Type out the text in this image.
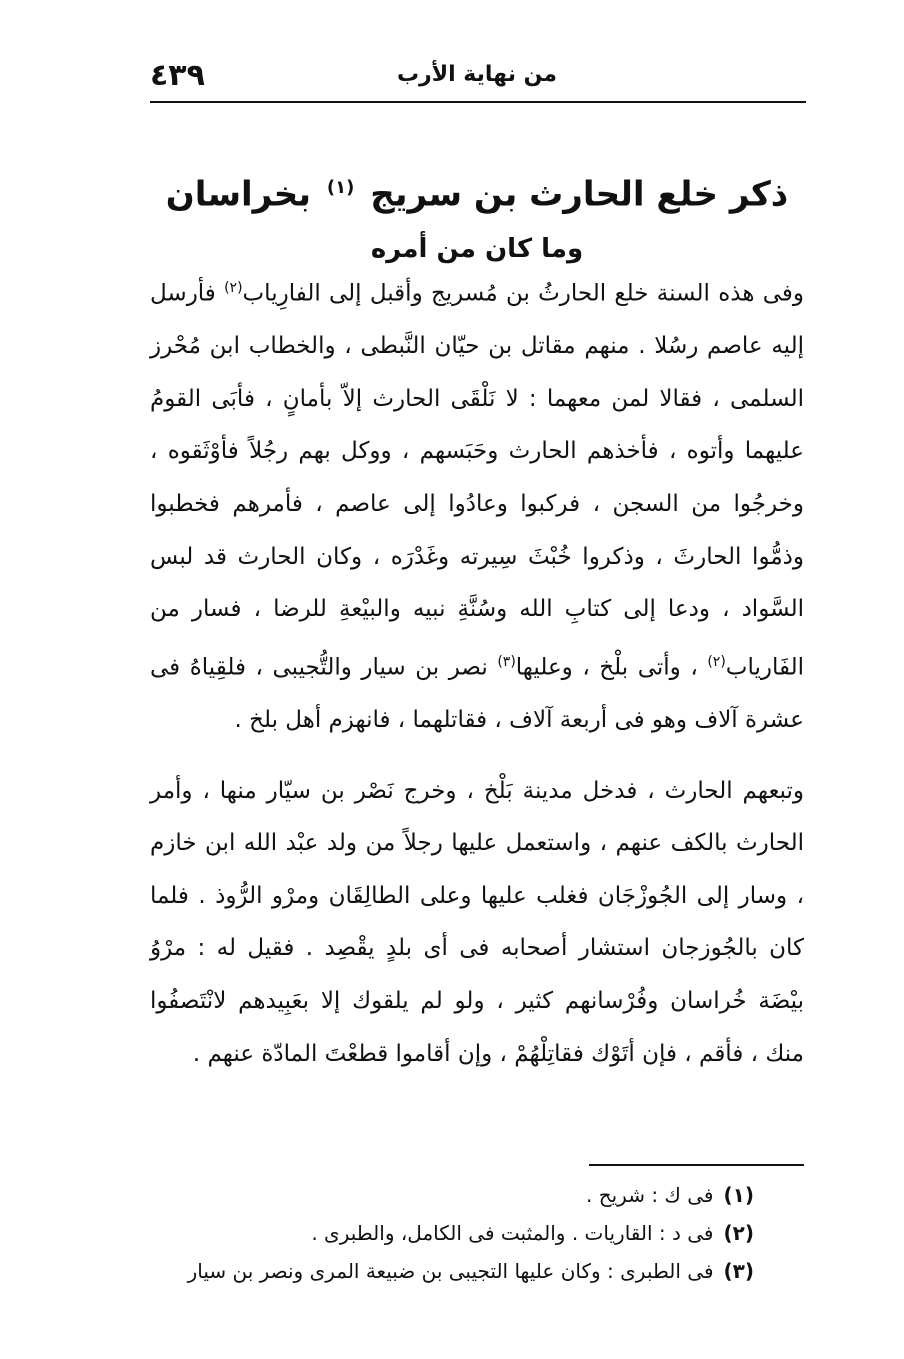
من نهاية الأرب
٤٣٩
ذكر خلع الحارث بن سريج $^{(١)}$ بخراسان
وما كان من أمره

وفى هذه السنة خلع الحارثُ بن مُسريج وأقبل إلى الفارِياب$^{(٢)}$ فأرسل إليه عاصم رسُلا . منهم مقاتل بن حيّان النَّبطى ، والخطاب ابن مُحْرز السلمى ، فقالا لمن معهما : لا نَلْقَى الحارث إلاّ بأمانٍ ، فأبَى القومُ عليهما وأتوه ، فأخذهم الحارث وحَبَسهم ، ووكل بهم رجُلاً فأوْثَقوه ، وخرجُوا من السجن ، فركبوا وعادُوا إلى عاصم ، فأمرهم فخطبوا وذمُّوا الحارثَ ، وذكروا خُبْثَ سِيرته وغَدْرَه ، وكان الحارث قد لبس السَّواد ، ودعا إلى كتابِ الله وسُنَّةِ نبيه والبيْعةِ للرضا ، فسار من الفَارياب$^{(٢)}$ ، وأتى بلْخ ، وعليها$^{(٣)}$ نصر بن سيار والتُّجيبى ، فلقِياهُ فى عشرة آلاف وهو فى أربعة آلاف ، فقاتلهما ، فانهزم أهل بلخ .

وتبعهم الحارث ، فدخل مدينة بَلْخ ، وخرج نَصْر بن سيّار منها ، وأمر الحارث بالكف عنهم ، واستعمل عليها رجلاً من ولد عبْد الله ابن خازم ، وسار إلى الجُوزْجَان فغلب عليها وعلى الطالِقَان ومرْو الرُّوذ . فلما كان بالجُوزجان استشار أصحابه فى أى بلدٍ يقْصِد . فقيل له : مرْوُ بيْضَة خُراسان وفُرْسانهم كثير ، ولو لم يلقوك إلا بعَبِيدهم لانْتَصفُوا منك ، فأقم ، فإن أتَوْك فقاتِلْهُمْ ، وإن أقاموا قطعْتَ المادّة عنهم .

(١)فى ك : شريح .
(٢)فى د : القاريات . والمثبت فى الكامل، والطبرى .
(٣)فى الطبرى : وكان عليها التجيبى بن ضبيعة المرى ونصر بن سيار
